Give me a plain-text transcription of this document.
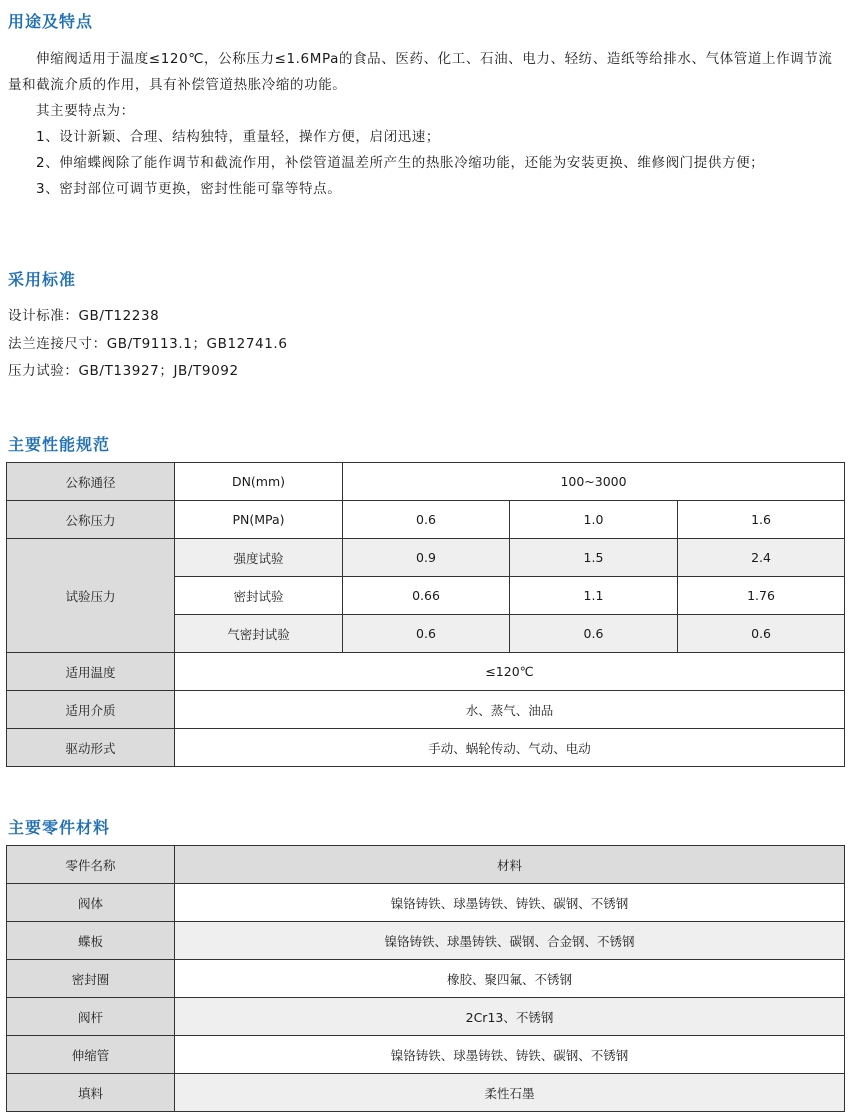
用途及特点

伸缩阀适用于温度≤120℃，公称压力≤1.6MPa的食品、医药、化工、石油、电力、轻纺、造纸等给排水、气体管道上作调节流量和截流介质的作用，具有补偿管道热胀冷缩的功能。

其主要特点为：

1、设计新颖、合理、结构独特，重量轻，操作方便，启闭迅速；

2、伸缩蝶阀除了能作调节和截流作用，补偿管道温差所产生的热胀冷缩功能，还能为安装更换、维修阀门提供方便；

3、密封部位可调节更换，密封性能可靠等特点。

采用标准
设计标准：GB/T12238
法兰连接尺寸：GB/T9113.1；GB12741.6
压力试验：GB/T13927；JB/T9092
主要性能规范
公称通径	DN(mm)	100~3000		
公称压力	PN(MPa)	0.6	1.0	1.6
试验压力	强度试验	0.9	1.5	2.4
	密封试验	0.66	1.1	1.76
	气密封试验	0.6	0.6	0.6
适用温度	≤120℃			
适用介质	水、蒸气、油品			
驱动形式	手动、蜗轮传动、气动、电动			
主要零件材料
零件名称	材料
阀体	镍铬铸铁、球墨铸铁、铸铁、碳钢、不锈钢
蝶板	镍铬铸铁、球墨铸铁、碳钢、合金钢、不锈钢
密封圈	橡胶、聚四氟、不锈钢
阀杆	2Cr13、不锈钢
伸缩管	镍铬铸铁、球墨铸铁、铸铁、碳钢、不锈钢
填料	柔性石墨
